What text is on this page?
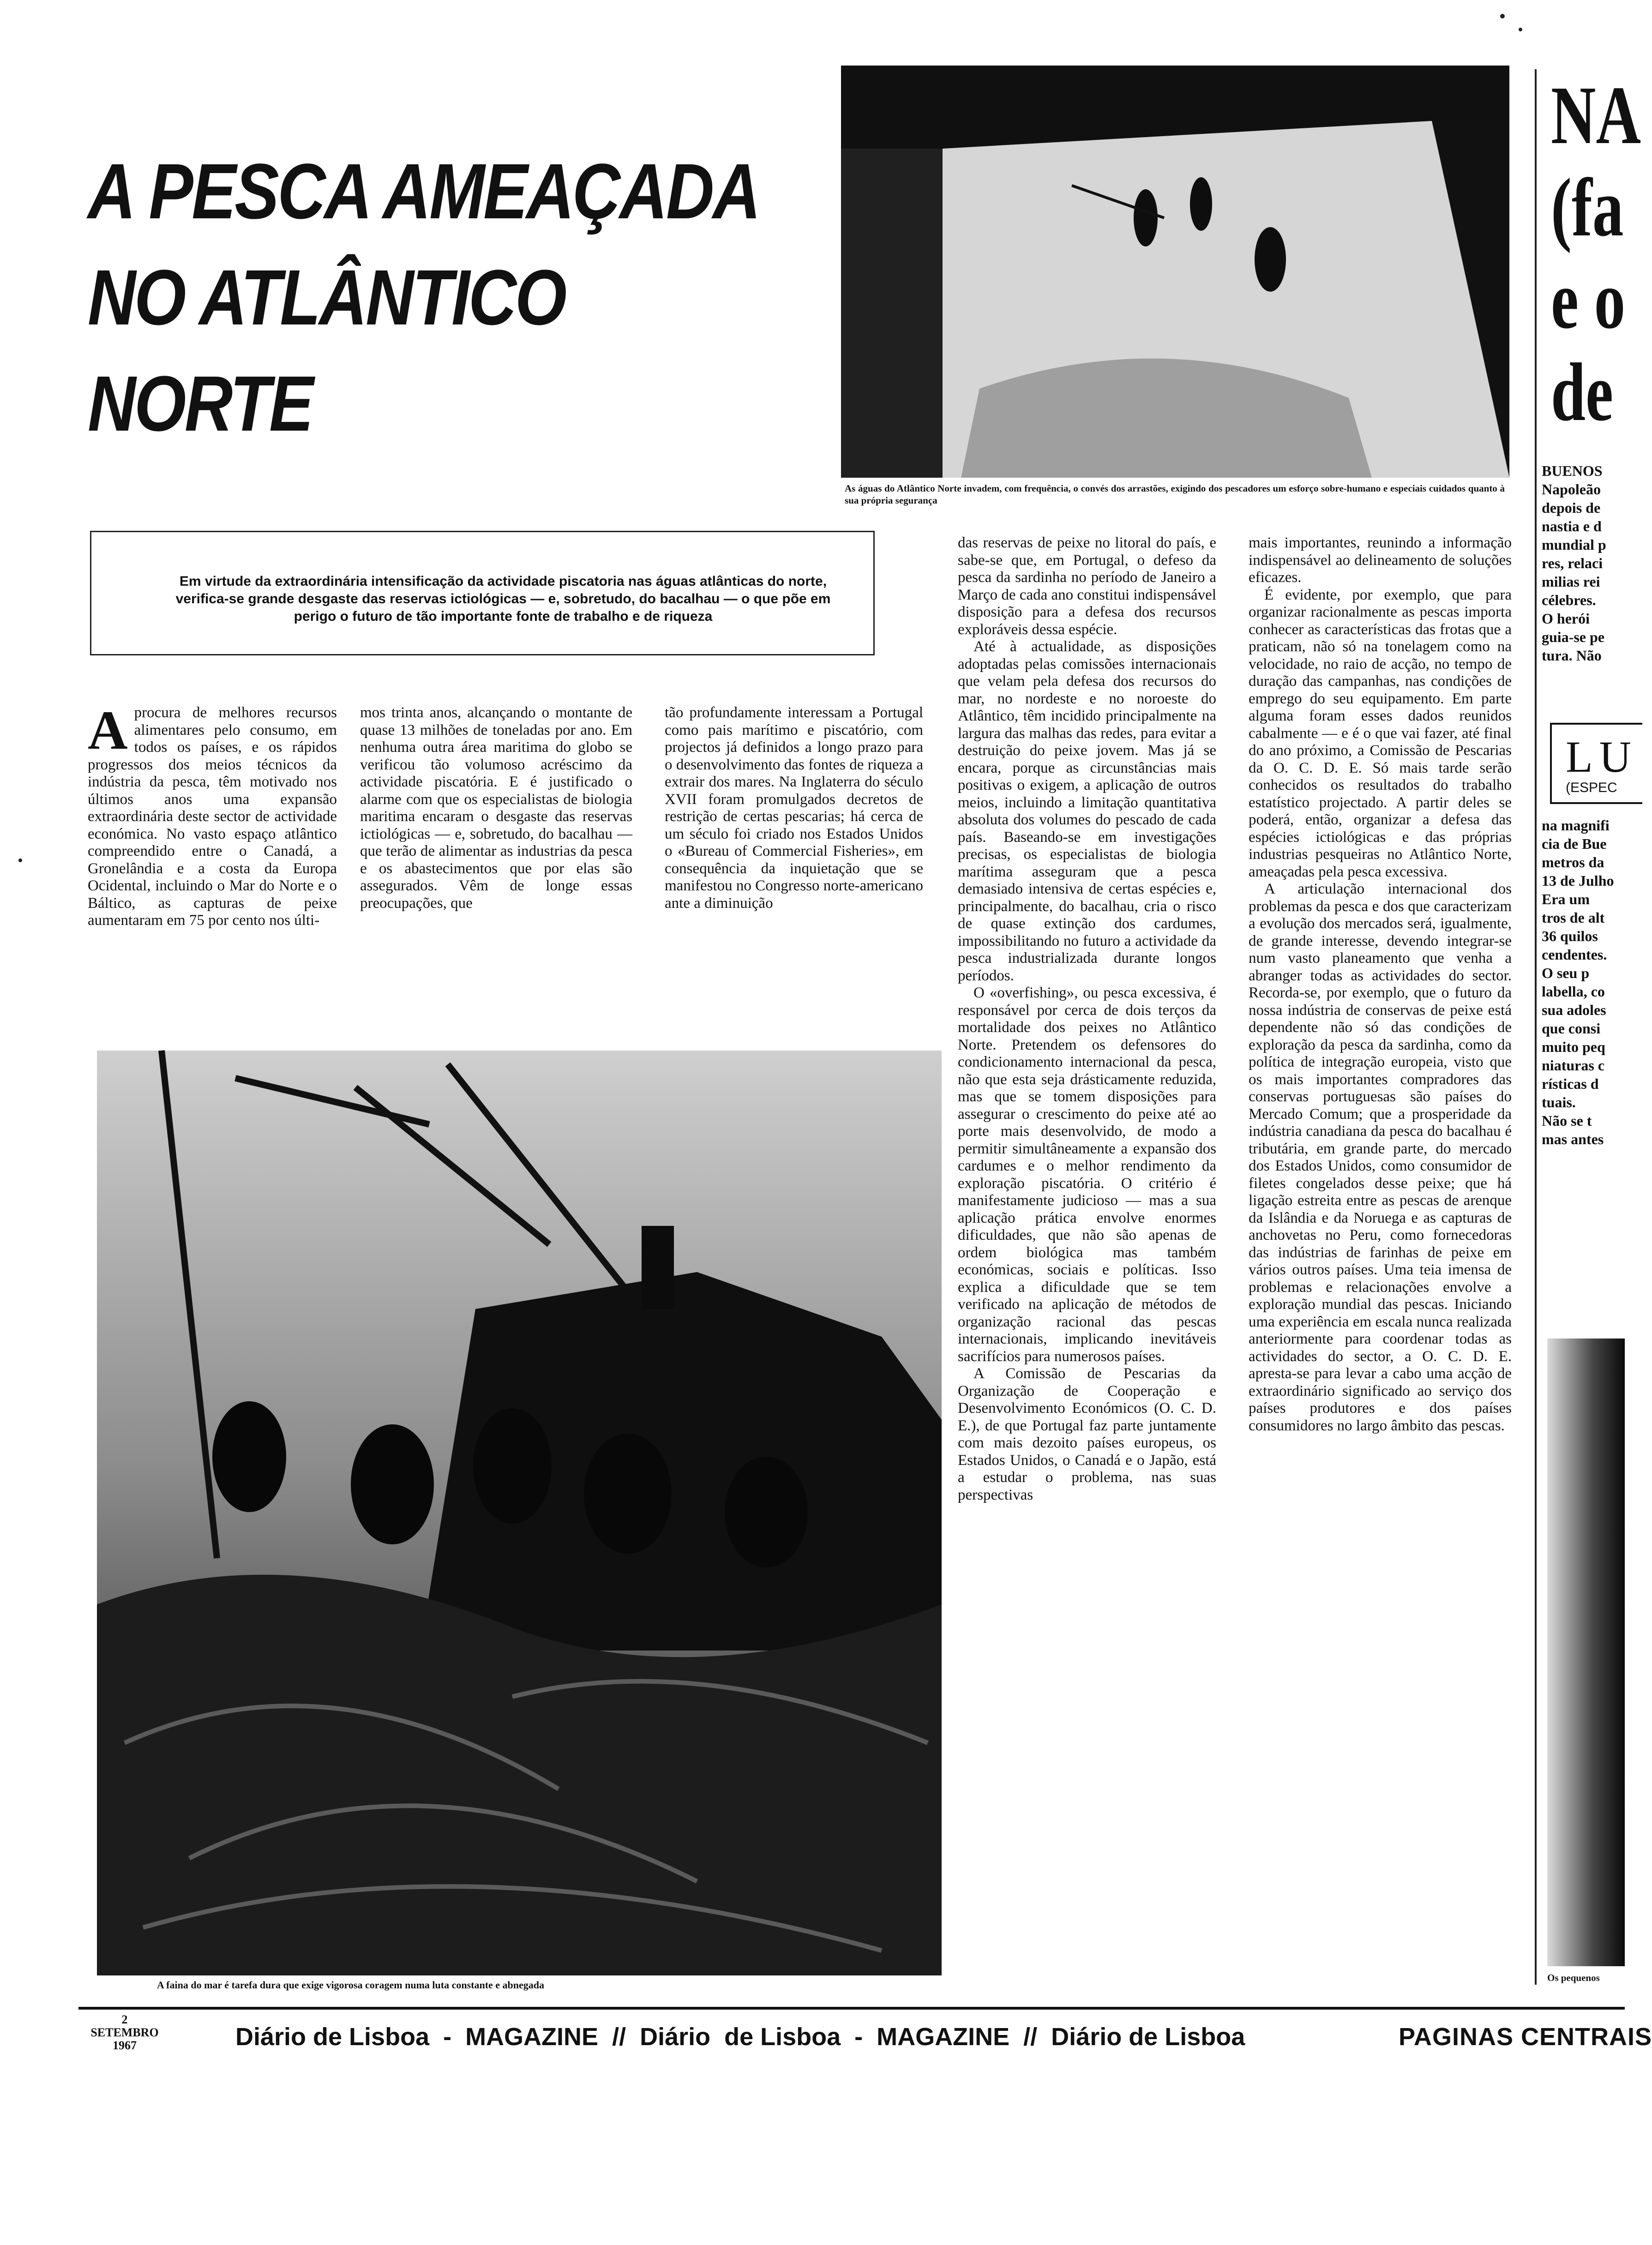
A PESCA AMEAÇADA
NO ATLÂNTICO
NORTE
As águas do Atlântico Norte invadem, com frequência, o convés dos arrastões, exigindo dos pescadores um esforço sobre-humano e especiais cuidados quanto à sua própria segurança
Em virtude da extraordinária intensificação da actividade piscatoria nas águas atlânticas do norte, verifica-se grande desgaste das reservas ictiológicas — e, sobretudo, do bacalhau — o que põe em perigo o futuro de tão importante fonte de trabalho e de riqueza

Aprocura de melhores recursos alimentares pelo consumo, em todos os países, e os rápidos progressos dos meios técnicos da indústria da pesca, têm motivado nos últimos anos uma expansão extraordinária deste sector de actividade económica. No vasto espaço atlântico compreendido entre o Canadá, a Gronelândia e a costa da Europa Ocidental, incluindo o Mar do Norte e o Báltico, as capturas de peixe aumentaram em 75 por cento nos últi-

mos trinta anos, alcançando o montante de quase 13 milhões de toneladas por ano. Em nenhuma outra área maritima do globo se verificou tão volumoso acréscimo da actividade piscatória. E é justificado o alarme com que os especialistas de biologia maritima encaram o desgaste das reservas ictiológicas — e, sobretudo, do bacalhau — que terão de alimentar as industrias da pesca e os abastecimentos que por elas são assegurados. Vêm de longe essas preocupações, que

tão profundamente interessam a Portugal como pais marítimo e piscatório, com projectos já definidos a longo prazo para o desenvolvimento das fontes de riqueza a extrair dos mares. Na Inglaterra do século XVII foram promulgados decretos de restrição de certas pescarias; há cerca de um século foi criado nos Estados Unidos o «Bureau of Commercial Fisheries», em consequência da inquietação que se manifestou no Congresso norte-americano ante a diminuição

das reservas de peixe no litoral do país, e sabe-se que, em Portugal, o defeso da pesca da sardinha no período de Janeiro a Março de cada ano constitui indispensável disposição para a defesa dos recursos exploráveis dessa espécie.

Até à actualidade, as disposições adoptadas pelas comissões internacionais que velam pela defesa dos recursos do mar, no nordeste e no noroeste do Atlântico, têm incidido principalmente na largura das malhas das redes, para evitar a destruição do peixe jovem. Mas já se encara, porque as circunstâncias mais positivas o exigem, a aplicação de outros meios, incluindo a limitação quantitativa absoluta dos volumes do pescado de cada país. Baseando-se em investigações precisas, os especialistas de biologia marítima asseguram que a pesca demasiado intensiva de certas espécies e, principalmente, do bacalhau, cria o risco de quase extinção dos cardumes, impossibilitando no futuro a actividade da pesca industrializada durante longos períodos.

O «overfishing», ou pesca excessiva, é responsável por cerca de dois terços da mortalidade dos peixes no Atlântico Norte. Pretendem os defensores do condicionamento internacional da pesca, não que esta seja drásticamente reduzida, mas que se tomem disposições para assegurar o crescimento do peixe até ao porte mais desenvolvido, de modo a permitir simultâneamente a expansão dos cardumes e o melhor rendimento da exploração piscatória. O critério é manifestamente judicioso — mas a sua aplicação prática envolve enormes dificuldades, que não são apenas de ordem biológica mas também económicas, sociais e políticas. Isso explica a dificuldade que se tem verificado na aplicação de métodos de organização racional das pescas internacionais, implicando inevitáveis sacrifícios para numerosos países.

A Comissão de Pescarias da Organização de Cooperação e Desenvolvimento Económicos (O. C. D. E.), de que Portugal faz parte juntamente com mais dezoito países europeus, os Estados Unidos, o Canadá e o Japão, está a estudar o problema, nas suas perspectivas

mais importantes, reunindo a informação indispensável ao delineamento de soluções eficazes.

É evidente, por exemplo, que para organizar racionalmente as pescas importa conhecer as características das frotas que a praticam, não só na tonelagem como na velocidade, no raio de acção, no tempo de duração das campanhas, nas condições de emprego do seu equipamento. Em parte alguma foram esses dados reunidos cabalmente — e é o que vai fazer, até final do ano próximo, a Comissão de Pescarias da O. C. D. E. Só mais tarde serão conhecidos os resultados do trabalho estatístico projectado. A partir deles se poderá, então, organizar a defesa das espécies ictiológicas e das próprias industrias pesqueiras no Atlântico Norte, ameaçadas pela pesca excessiva.

A articulação internacional dos problemas da pesca e dos que caracterizam a evolução dos mercados será, igualmente, de grande interesse, devendo integrar-se num vasto planeamento que venha a abranger todas as actividades do sector. Recorda-se, por exemplo, que o futuro da nossa indústria de conservas de peixe está dependente não só das condições de exploração da pesca da sardinha, como da política de integração europeia, visto que os mais importantes compradores das conservas portuguesas são países do Mercado Comum; que a prosperidade da indústria canadiana da pesca do bacalhau é tributária, em grande parte, do mercado dos Estados Unidos, como consumidor de filetes congelados desse peixe; que há ligação estreita entre as pescas de arenque da Islândia e da Noruega e as capturas de anchovetas no Peru, como fornecedoras das indústrias de farinhas de peixe em vários outros países. Uma teia imensa de problemas e relacionações envolve a exploração mundial das pescas. Iniciando uma experiência em escala nunca realizada anteriormente para coordenar todas as actividades do sector, a O. C. D. E. apresta-se para levar a cabo uma acção de extraordinário significado ao serviço dos países produtores e dos países consumidores no largo âmbito das pescas.

A faina do mar é tarefa dura que exige vigorosa coragem numa luta constante e abnegada
NA
(fa
e o
de
BUENOS
Napoleão
depois de
nastia e d
mundial p
res, relaci
milias rei
célebres.
O herói
guia-se pe
tura. Não
LU
(ESPEC
na magnifi
cia de Bue
metros da
13 de Julho
Era um
tros de alt
36 quilos
cendentes.
O seu p
labella, co
sua adoles
que consi
muito peq
niaturas c
rísticas d
tuais.
Não se t
mas antes
Os pequenos
2
SETEMBRO
1967	Diário de Lisboa  -  MAGAZINE  //  Diário  de Lisboa  -  MAGAZINE  //  Diário de Lisboa	PAGINAS CENTRAIS
